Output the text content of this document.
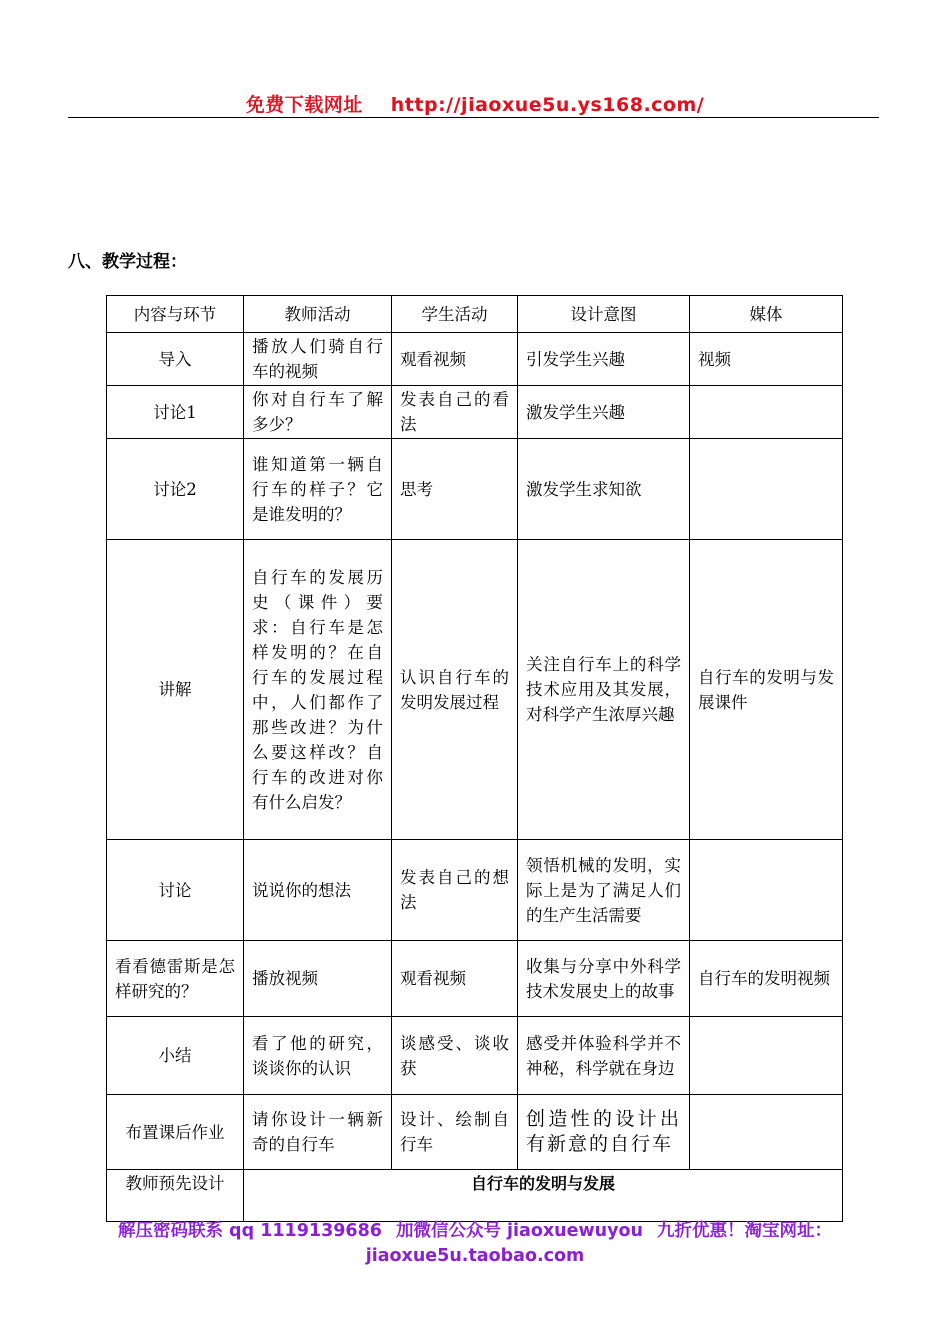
免费下载网址 http://jiaoxue5u.ys168.com/
八、教学过程：
内容与环节	教师活动	学生活动	设计意图	媒体
导入	播放人们骑自行车的视频	观看视频	引发学生兴趣	视频
讨论1	你对自行车了解多少？	发表自己的看法	激发学生兴趣	
讨论2	谁知道第一辆自行车的样子？它是谁发明的？	思考	激发学生求知欲	
讲解	自行车的发展历史（课件）要求：自行车是怎样发明的？在自行车的发展过程中，人们都作了那些改进？为什么要这样改？自行车的改进对你有什么启发？	认识自行车的发明发展过程	关注自行车上的科学技术应用及其发展，对科学产生浓厚兴趣	自行车的发明与发展课件
讨论	说说你的想法	发表自己的想法	领悟机械的发明，实际上是为了满足人们的生产生活需要	
看看德雷斯是怎样研究的？	播放视频	观看视频	收集与分享中外科学技术发展史上的故事	自行车的发明视频
小结	看了他的研究，谈谈你的认识	谈感受、谈收获	感受并体验科学并不神秘，科学就在身边	
布置课后作业	请你设计一辆新奇的自行车	设计、绘制自行车	创造性的设计出有新意的自行车	
教师预先设计	自行车的发明与发展			
解压密码联系 qq 1119139686 加微信公众号 jiaoxuewuyou 九折优惠！淘宝网址：
jiaoxue5u.taobao.com
